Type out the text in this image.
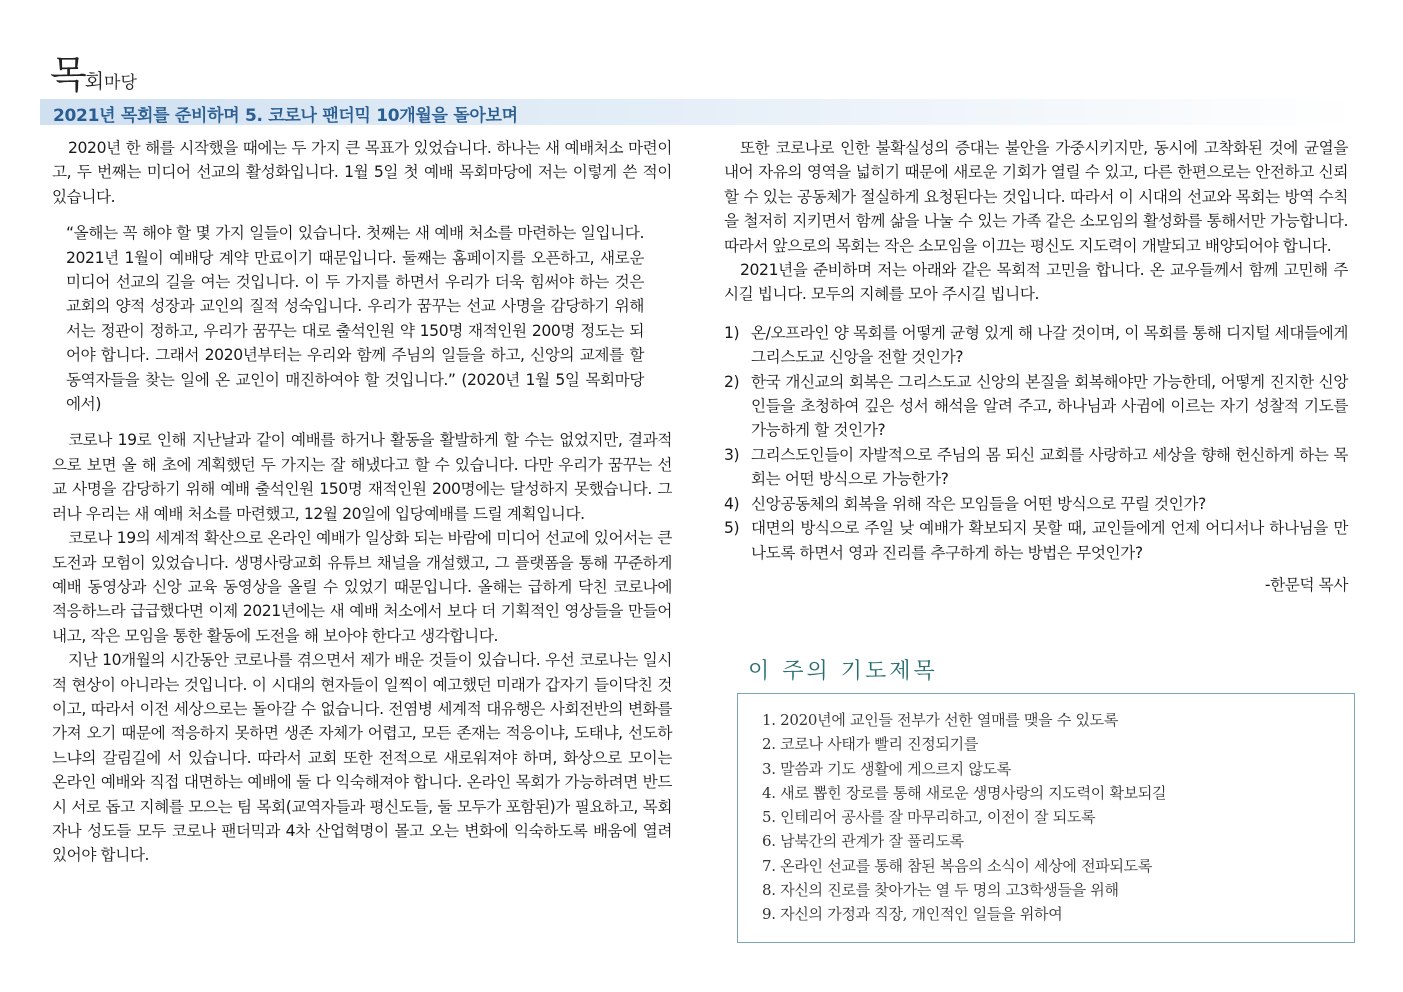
목회마당
2021년 목회를 준비하며 5. 코로나 팬더믹 10개월을 돌아보며

2020년 한 해를 시작했을 때에는 두 가지 큰 목표가 있었습니다. 하나는 새 예배처소 마련이고, 두 번째는 미디어 선교의 활성화입니다. 1월 5일 첫 예배 목회마당에 저는 이렇게 쓴 적이 있습니다.

“올해는 꼭 해야 할 몇 가지 일들이 있습니다. 첫째는 새 예배 처소를 마련하는 일입니다. 2021년 1월이 예배당 계약 만료이기 때문입니다. 둘째는 홈페이지를 오픈하고, 새로운 미디어 선교의 길을 여는 것입니다. 이 두 가지를 하면서 우리가 더욱 힘써야 하는 것은 교회의 양적 성장과 교인의 질적 성숙입니다. 우리가 꿈꾸는 선교 사명을 감당하기 위해서는 정관이 정하고, 우리가 꿈꾸는 대로 출석인원 약 150명 재적인원 200명 정도는 되어야 합니다. 그래서 2020년부터는 우리와 함께 주님의 일들을 하고, 신앙의 교제를 할 동역자들을 찾는 일에 온 교인이 매진하여야 할 것입니다.” (2020년 1월 5일 목회마당에서)

코로나 19로 인해 지난날과 같이 예배를 하거나 활동을 활발하게 할 수는 없었지만, 결과적으로 보면 올 해 초에 계획했던 두 가지는 잘 해냈다고 할 수 있습니다. 다만 우리가 꿈꾸는 선교 사명을 감당하기 위해 예배 출석인원 150명 재적인원 200명에는 달성하지 못했습니다. 그러나 우리는 새 예배 처소를 마련했고, 12월 20일에 입당예배를 드릴 계획입니다.

코로나 19의 세계적 확산으로 온라인 예배가 일상화 되는 바람에 미디어 선교에 있어서는 큰 도전과 모험이 있었습니다. 생명사랑교회 유튜브 채널을 개설했고, 그 플랫폼을 통해 꾸준하게 예배 동영상과 신앙 교육 동영상을 올릴 수 있었기 때문입니다. 올해는 급하게 닥친 코로나에 적응하느라 급급했다면 이제 2021년에는 새 예배 처소에서 보다 더 기획적인 영상들을 만들어 내고, 작은 모임을 통한 활동에 도전을 해 보아야 한다고 생각합니다.

지난 10개월의 시간동안 코로나를 겪으면서 제가 배운 것들이 있습니다. 우선 코로나는 일시적 현상이 아니라는 것입니다. 이 시대의 현자들이 일찍이 예고했던 미래가 갑자기 들이닥친 것이고, 따라서 이전 세상으로는 돌아갈 수 없습니다. 전염병 세계적 대유행은 사회전반의 변화를 가져 오기 때문에 적응하지 못하면 생존 자체가 어렵고, 모든 존재는 적응이냐, 도태냐, 선도하느냐의 갈림길에 서 있습니다. 따라서 교회 또한 전적으로 새로워져야 하며, 화상으로 모이는 온라인 예배와 직접 대면하는 예배에 둘 다 익숙해져야 합니다. 온라인 목회가 가능하려면 반드시 서로 돕고 지혜를 모으는 팀 목회(교역자들과 평신도들, 둘 모두가 포함된)가 필요하고, 목회자나 성도들 모두 코로나 팬더믹과 4차 산업혁명이 몰고 오는 변화에 익숙하도록 배움에 열려 있어야 합니다.

또한 코로나로 인한 불확실성의 증대는 불안을 가중시키지만, 동시에 고착화된 것에 균열을 내어 자유의 영역을 넓히기 때문에 새로운 기회가 열릴 수 있고, 다른 한편으로는 안전하고 신뢰할 수 있는 공동체가 절실하게 요청된다는 것입니다. 따라서 이 시대의 선교와 목회는 방역 수칙을 철저히 지키면서 함께 삶을 나눌 수 있는 가족 같은 소모임의 활성화를 통해서만 가능합니다. 따라서 앞으로의 목회는 작은 소모임을 이끄는 평신도 지도력이 개발되고 배양되어야 합니다.

2021년을 준비하며 저는 아래와 같은 목회적 고민을 합니다. 온 교우들께서 함께 고민해 주시길 빕니다. 모두의 지혜를 모아 주시길 빕니다.

1) 온/오프라인 양 목회를 어떻게 균형 있게 해 나갈 것이며, 이 목회를 통해 디지털 세대들에게 그리스도교 신앙을 전할 것인가?
2) 한국 개신교의 회복은 그리스도교 신앙의 본질을 회복해야만 가능한데, 어떻게 진지한 신앙인들을 초청하여 깊은 성서 해석을 알려 주고, 하나님과 사귐에 이르는 자기 성찰적 기도를 가능하게 할 것인가?
3) 그리스도인들이 자발적으로 주님의 몸 되신 교회를 사랑하고 세상을 향해 헌신하게 하는 목회는 어떤 방식으로 가능한가?
4) 신앙공동체의 회복을 위해 작은 모임들을 어떤 방식으로 꾸릴 것인가?
5) 대면의 방식으로 주일 낮 예배가 확보되지 못할 때, 교인들에게 언제 어디서나 하나님을 만나도록 하면서 영과 진리를 추구하게 하는 방법은 무엇인가?
-한문덕 목사
이 주의 기도제목
1. 2020년에 교인들 전부가 선한 열매를 맺을 수 있도록
2. 코로나 사태가 빨리 진정되기를
3. 말씀과 기도 생활에 게으르지 않도록
4. 새로 뽑힌 장로를 통해 새로운 생명사랑의 지도력이 확보되길
5. 인테리어 공사를 잘 마무리하고, 이전이 잘 되도록
6. 남북간의 관계가 잘 풀리도록
7. 온라인 선교를 통해 참된 복음의 소식이 세상에 전파되도록
8. 자신의 진로를 찾아가는 열 두 명의 고3학생들을 위해
9. 자신의 가정과 직장, 개인적인 일들을 위하여
